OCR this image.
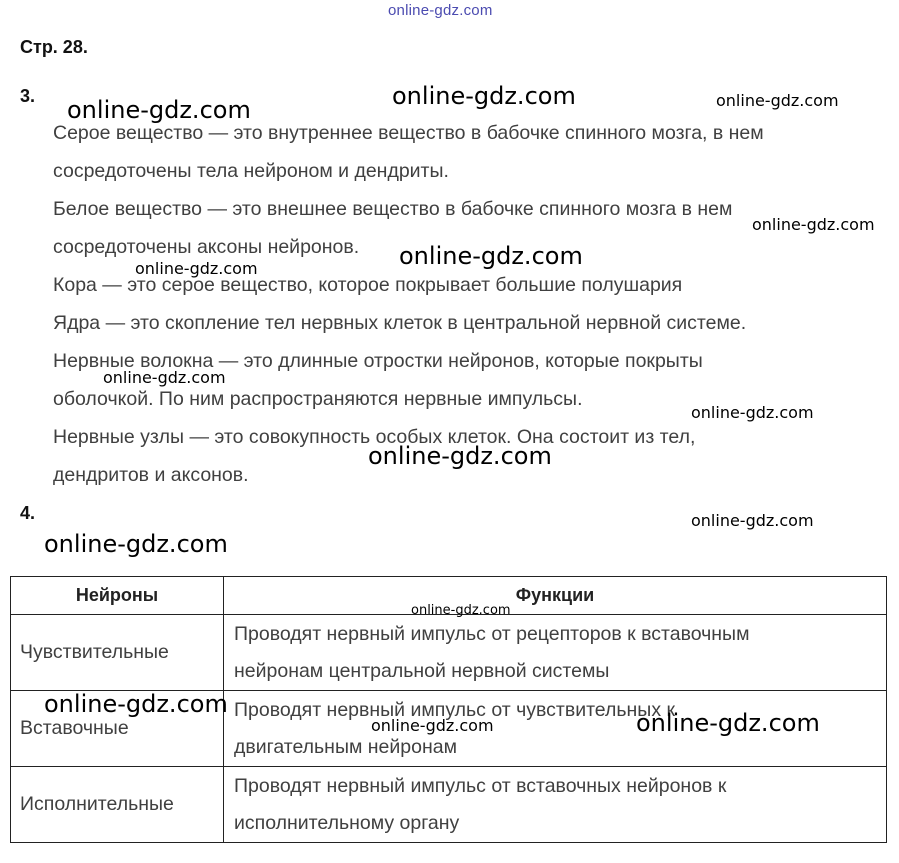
online-gdz.com
Стр. 28.
3.
Серое вещество — это внутреннее вещество в бабочке спинного мозга, в нем
сосредоточены тела нейроном и дендриты.
Белое вещество — это внешнее вещество в бабочке спинного мозга в нем
сосредоточены аксоны нейронов.
Кора — это серое вещество, которое покрывает большие полушария
Ядра — это скопление тел нервных клеток в центральной нервной системе.
Нервные волокна — это длинные отростки нейронов, которые покрыты
оболочкой. По ним распространяются нервные импульсы.
Нервные узлы — это совокупность особых клеток. Она состоит из тел,
дендритов и аксонов.
4.
Нейроны	Функции
Чувствительные	Проводят нервный импульс от рецепторов к вставочным
нейронам центральной нервной системы

Вставочные	Проводят нервный импульс от чувствительных к
двигательным нейронам

Исполнительные	Проводят нервный импульс от вставочных нейронов к
исполнительному органу
online-gdz.com	online-gdz.com	online-gdz.com
online-gdz.com
online-gdz.com
online-gdz.com
online-gdz.com
online-gdz.com
online-gdz.com
online-gdz.com
online-gdz.com
online-gdz.com
online-gdz.com
online-gdz.com	online-gdz.com
